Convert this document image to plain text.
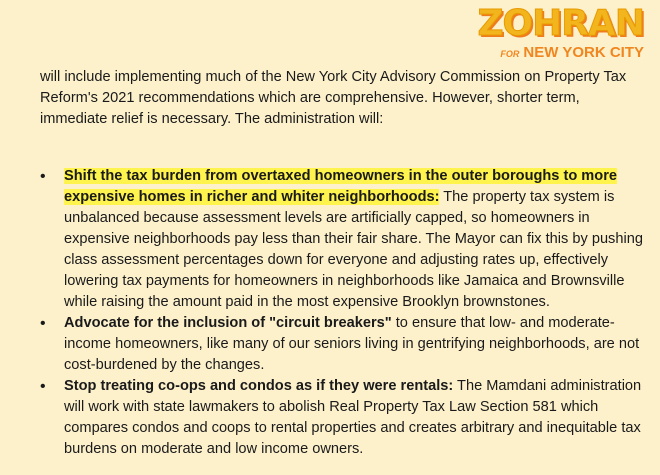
ZOHRAN
FOR NEW YORK CITY

will include implementing much of the New York City Advisory Commission on Property Tax Reform's 2021 recommendations which are comprehensive. However, shorter term, immediate relief is necessary. The administration will:

• Shift the tax burden from overtaxed homeowners in the outer boroughs to more expensive homes in richer and whiter neighborhoods: The property tax system is unbalanced because assessment levels are artificially capped, so homeowners in expensive neighborhoods pay less than their fair share. The Mayor can fix this by pushing class assessment percentages down for everyone and adjusting rates up, effectively lowering tax payments for homeowners in neighborhoods like Jamaica and Brownsville while raising the amount paid in the most expensive Brooklyn brownstones.
• Advocate for the inclusion of "circuit breakers" to ensure that low- and moderate-income homeowners, like many of our seniors living in gentrifying neighborhoods, are not cost-burdened by the changes.
• Stop treating co-ops and condos as if they were rentals: The Mamdani administration will work with state lawmakers to abolish Real Property Tax Law Section 581 which compares condos and coops to rental properties and creates arbitrary and inequitable tax burdens on moderate and low income owners.
